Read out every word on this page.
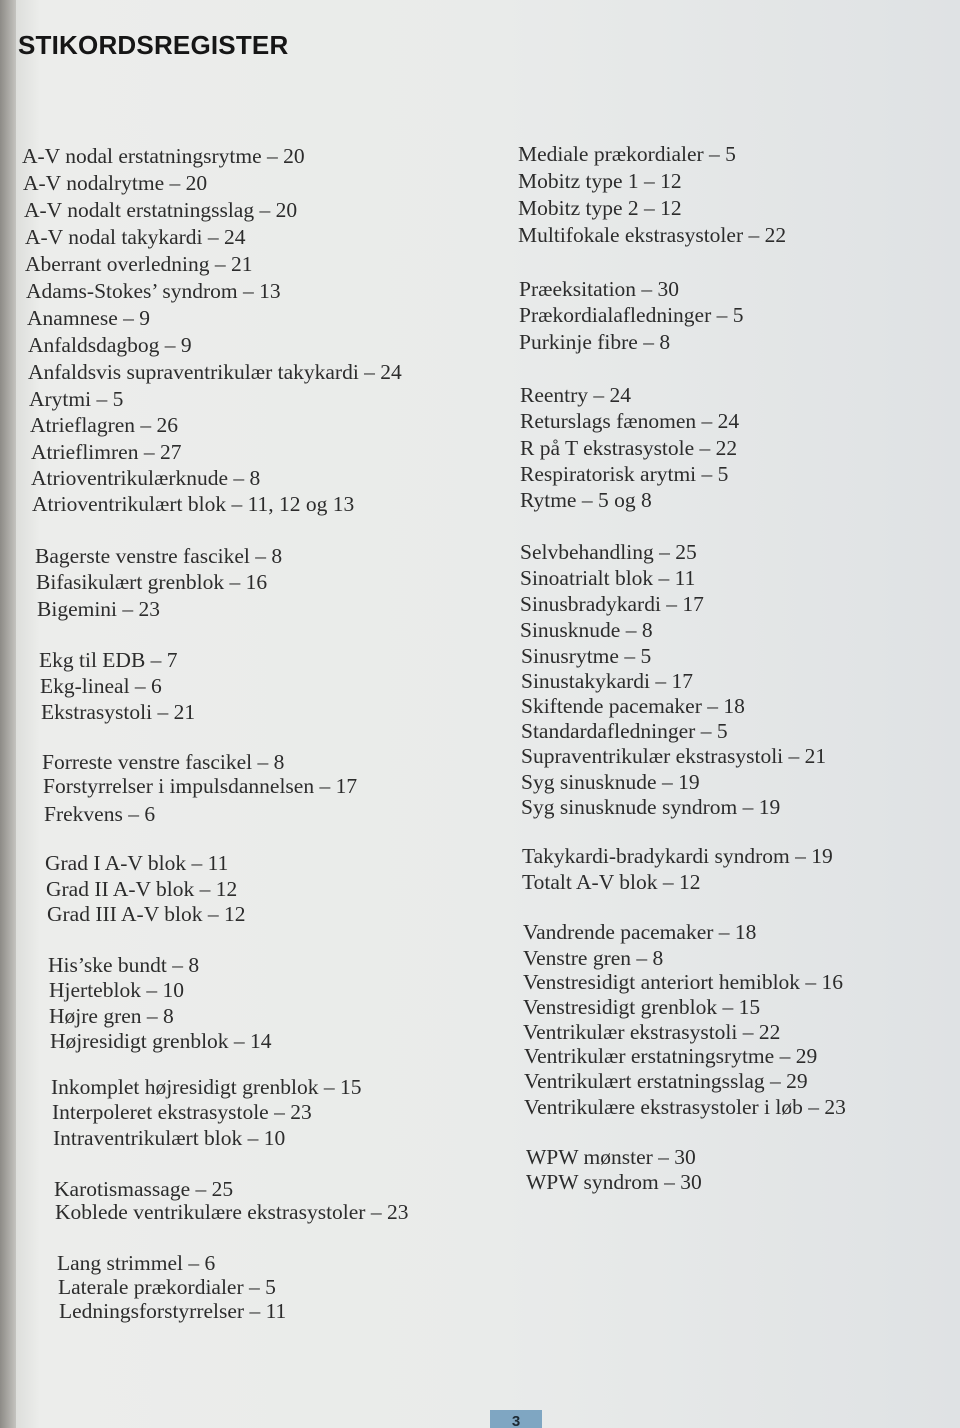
STIKORDSREGISTER
A-V nodal erstatningsrytme – 20
A-V nodalrytme – 20
A-V nodalt erstatningsslag – 20
A-V nodal takykardi – 24
Aberrant overledning – 21
Adams-Stokes’ syndrom – 13
Anamnese – 9
Anfaldsdagbog – 9
Anfaldsvis supraventrikulær takykardi – 24
Arytmi – 5
Atrieflagren – 26
Atrieflimren – 27
Atrioventrikulærknude – 8
Atrioventrikulært blok – 11, 12 og 13
Bagerste venstre fascikel – 8
Bifasikulært grenblok – 16
Bigemini – 23
Ekg til EDB – 7
Ekg-lineal – 6
Ekstrasystoli – 21
Forreste venstre fascikel – 8
Forstyrrelser i impulsdannelsen – 17
Frekvens – 6
Grad I A-V blok – 11
Grad II A-V blok – 12
Grad III A-V blok – 12
His’ske bundt – 8
Hjerteblok – 10
Højre gren – 8
Højresidigt grenblok – 14
Inkomplet højresidigt grenblok – 15
Interpoleret ekstrasystole – 23
Intraventrikulært blok – 10
Karotismassage – 25
Koblede ventrikulære ekstrasystoler – 23
Lang strimmel – 6
Laterale prækordialer – 5
Ledningsforstyrrelser – 11
Mediale prækordialer – 5
Mobitz type 1 – 12
Mobitz type 2 – 12
Multifokale ekstrasystoler – 22
Præeksitation – 30
Prækordialafledninger – 5
Purkinje fibre – 8
Reentry – 24
Returslags fænomen – 24
R på T ekstrasystole – 22
Respiratorisk arytmi – 5
Rytme – 5 og 8
Selvbehandling – 25
Sinoatrialt blok – 11
Sinusbradykardi – 17
Sinusknude – 8
Sinusrytme – 5
Sinustakykardi – 17
Skiftende pacemaker – 18
Standardafledninger – 5
Supraventrikulær ekstrasystoli – 21
Syg sinusknude – 19
Syg sinusknude syndrom – 19
Takykardi-bradykardi syndrom – 19
Totalt A-V blok – 12
Vandrende pacemaker – 18
Venstre gren – 8
Venstresidigt anteriort hemiblok – 16
Venstresidigt grenblok – 15
Ventrikulær ekstrasystoli – 22
Ventrikulær erstatningsrytme – 29
Ventrikulært erstatningsslag – 29
Ventrikulære ekstrasystoler i løb – 23
WPW mønster – 30
WPW syndrom – 30
3
